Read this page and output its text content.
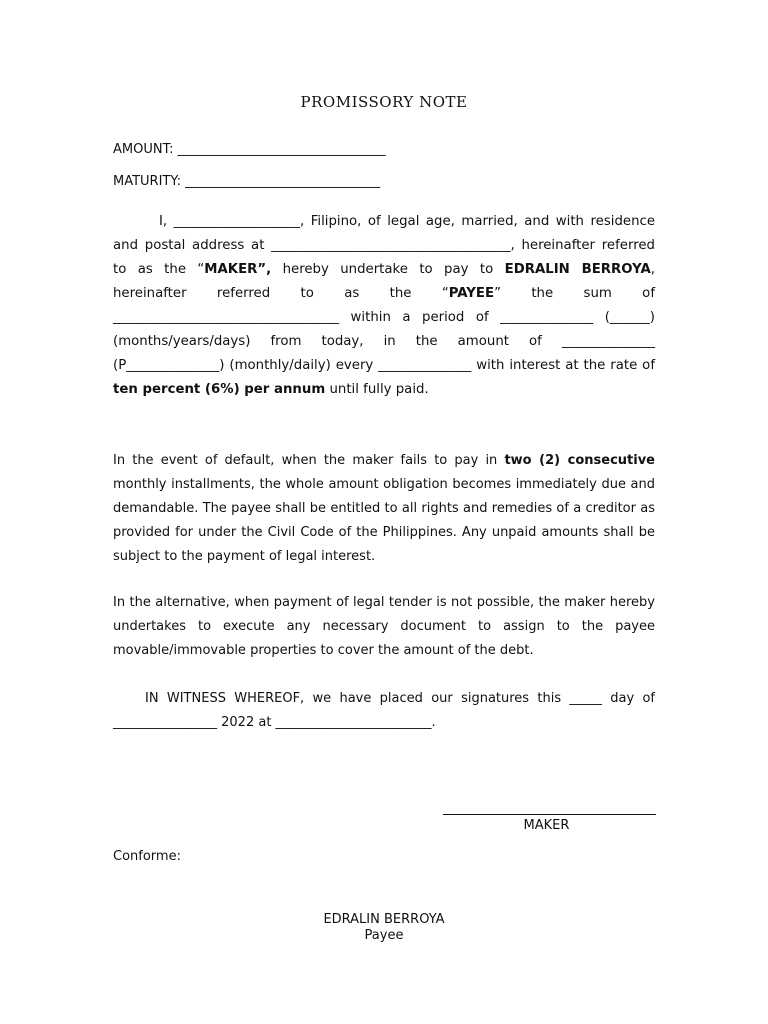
PROMISSORY NOTE
AMOUNT: ________________________________
MATURITY: ______________________________
I, ___________________, Filipino, of legal age, married, and with residence and postal address at ____________________________________, hereinafter referred to as the “MAKER”, hereby undertake to pay to EDRALIN BERROYA, hereinafter referred to as the “PAYEE” the sum of __________________________________ within a period of ______________ (______) (months/years/days) from today, in the amount of ______________ (P______________) (monthly/daily) every ______________ with interest at the rate of ten percent (6%) per annum until fully paid.
In the event of default, when the maker fails to pay in two (2) consecutive monthly installments, the whole amount obligation becomes immediately due and demandable. The payee shall be entitled to all rights and remedies of a creditor as provided for under the Civil Code of the Philippines. Any unpaid amounts shall be subject to the payment of legal interest.
In the alternative, when payment of legal tender is not possible, the maker hereby undertakes to execute any necessary document to assign to the payee movable/immovable properties to cover the amount of the debt.
IN WITNESS WHEREOF, we have placed our signatures this _____ day of ________________ 2022 at ________________________.
MAKER
Conforme:
EDRALIN BERROYA
Payee
